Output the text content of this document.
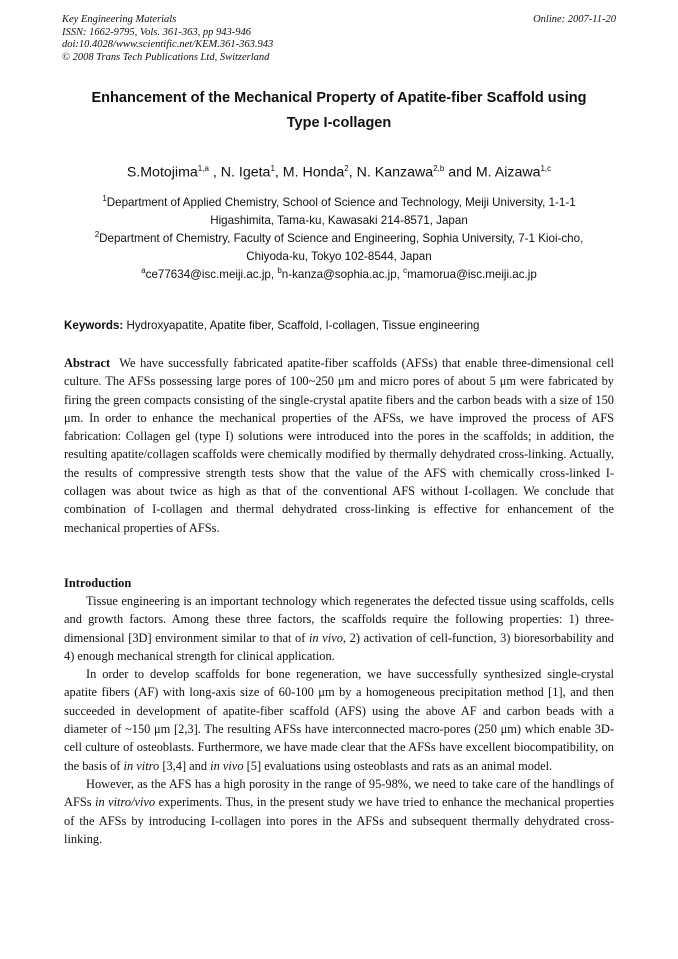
Key Engineering Materials
ISSN: 1662-9795, Vols. 361-363, pp 943-946
doi:10.4028/www.scientific.net/KEM.361-363.943
© 2008 Trans Tech Publications Ltd, Switzerland
Online: 2007-11-20
Enhancement of the Mechanical Property of Apatite-fiber Scaffold using
Type I-collagen
S.Motojima$^{1,a}$ , N. Igeta$^1$, M. Honda$^2$, N. Kanzawa$^{2,b}$ and M. Aizawa$^{1,c}$
$^1$Department of Applied Chemistry, School of Science and Technology, Meiji University, 1-1-1
Higashimita, Tama-ku, Kawasaki 214-8571, Japan
$^2$Department of Chemistry, Faculty of Science and Engineering, Sophia University, 7-1 Kioi-cho,
Chiyoda-ku, Tokyo 102-8544, Japan
$^a$ce77634@isc.meiji.ac.jp, $^b$n-kanza@sophia.ac.jp, $^c$mamorua@isc.meiji.ac.jp
Keywords: Hydroxyapatite, Apatite fiber, Scaffold, I-collagen, Tissue engineering
Abstract We have successfully fabricated apatite-fiber scaffolds (AFSs) that enable three-dimensional cell culture. The AFSs possessing large pores of 100~250 μm and micro pores of about 5 μm were fabricated by firing the green compacts consisting of the single-crystal apatite fibers and the carbon beads with a size of 150 μm. In order to enhance the mechanical properties of the AFSs, we have improved the process of AFS fabrication: Collagen gel (type I) solutions were introduced into the pores in the scaffolds; in addition, the resulting apatite/collagen scaffolds were chemically modified by thermally dehydrated cross-linking. Actually, the results of compressive strength tests show that the value of the AFS with chemically cross-linked I-collagen was about twice as high as that of the conventional AFS without I-collagen. We conclude that combination of I-collagen and thermal dehydrated cross-linking is effective for enhancement of the mechanical properties of AFSs.
Introduction

Tissue engineering is an important technology which regenerates the defected tissue using scaffolds, cells and growth factors. Among these three factors, the scaffolds require the following properties: 1) three-dimensional [3D] environment similar to that of in vivo, 2) activation of cell-function, 3) bioresorbability and 4) enough mechanical strength for clinical application.

In order to develop scaffolds for bone regeneration, we have successfully synthesized single-crystal apatite fibers (AF) with long-axis size of 60-100 μm by a homogeneous precipitation method [1], and then succeeded in development of apatite-fiber scaffold (AFS) using the above AF and carbon beads with a diameter of ~150 μm [2,3]. The resulting AFSs have interconnected macro-pores (250 μm) which enable 3D-cell culture of osteoblasts. Furthermore, we have made clear that the AFSs have excellent biocompatibility, on the basis of in vitro [3,4] and in vivo [5] evaluations using osteoblasts and rats as an animal model.

However, as the AFS has a high porosity in the range of 95-98%, we need to take care of the handlings of AFSs in vitro/vivo experiments. Thus, in the present study we have tried to enhance the mechanical properties of the AFSs by introducing I-collagen into pores in the AFSs and subsequent thermally dehydrated cross-linking.
